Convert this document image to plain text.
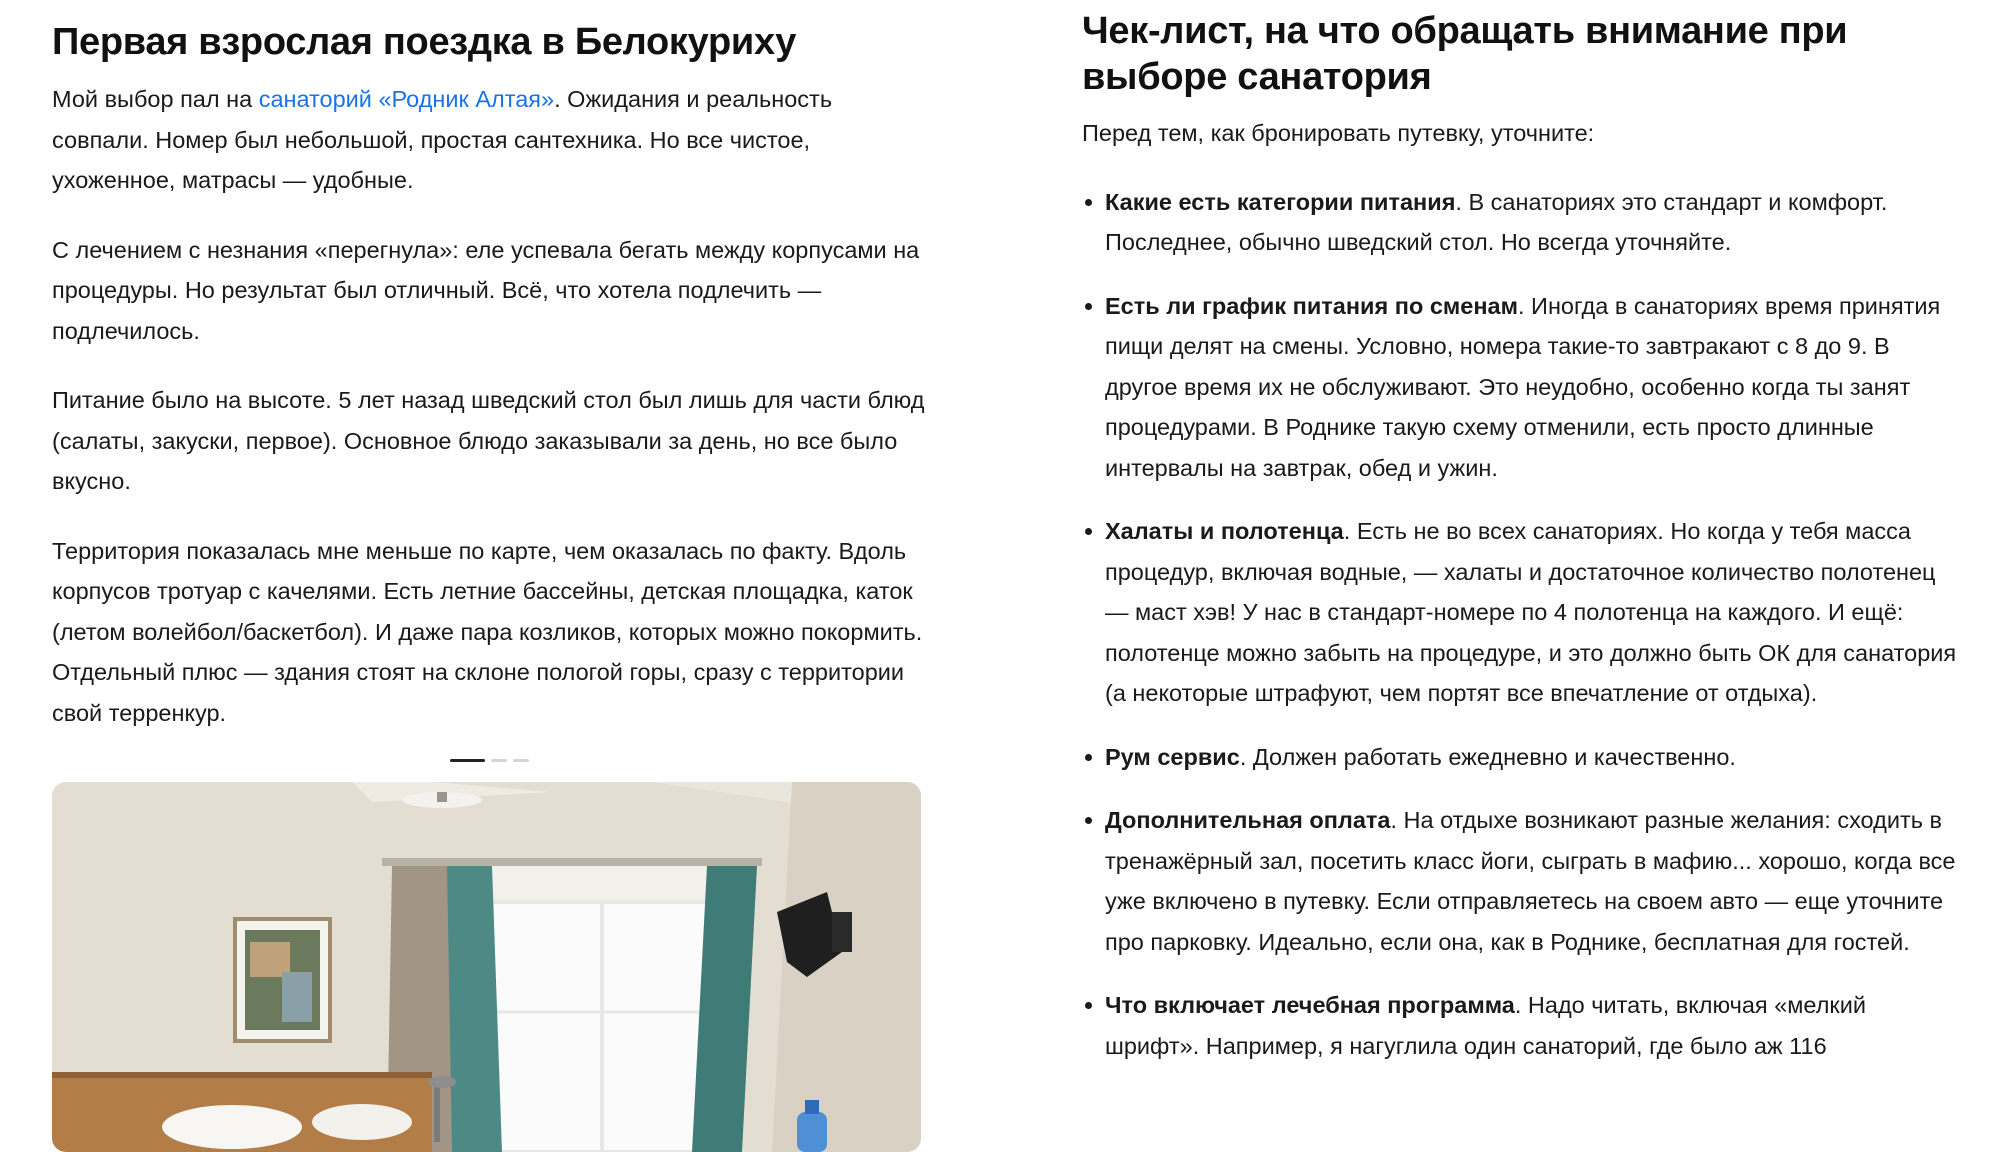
Первая взрослая поездка в Белокуриху

Мой выбор пал на санаторий «Родник Алтая». Ожидания и реальность совпали. Номер был небольшой, простая сантехника. Но все чистое, ухоженное, матрасы — удобные.

С лечением с незнания «перегнула»: еле успевала бегать между корпусами на процедуры. Но результат был отличный. Всё, что хотела подлечить — подлечилось.

Питание было на высоте. 5 лет назад шведский стол был лишь для части блюд (салаты, закуски, первое). Основное блюдо заказывали за день, но все было вкусно.

Территория показалась мне меньше по карте, чем оказалась по факту. Вдоль корпусов тротуар с качелями. Есть летние бассейны, детская площадка, каток (летом волейбол/баскетбол). И даже пара козликов, которых можно покормить. Отдельный плюс — здания стоят на склоне пологой горы, сразу с территории свой терренкур.

Чек-лист, на что обращать внимание при выборе санатория

Перед тем, как бронировать путевку, уточните:

Какие есть категории питания. В санаториях это стандарт и комфорт. Последнее, обычно шведский стол. Но всегда уточняйте.
Есть ли график питания по сменам. Иногда в санаториях время принятия пищи делят на смены. Условно, номера такие-то завтракают с 8 до 9. В другое время их не обслуживают. Это неудобно, особенно когда ты занят процедурами. В Роднике такую схему отменили, есть просто длинные интервалы на завтрак, обед и ужин.
Халаты и полотенца. Есть не во всех санаториях. Но когда у тебя масса процедур, включая водные, — халаты и достаточное количество полотенец — маст хэв! У нас в стандарт-номере по 4 полотенца на каждого. И ещё: полотенце можно забыть на процедуре, и это должно быть ОК для санатория (а некоторые штрафуют, чем портят все впечатление от отдыха).
Рум сервис. Должен работать ежедневно и качественно.
Дополнительная оплата. На отдыхе возникают разные желания: сходить в тренажёрный зал, посетить класс йоги, сыграть в мафию... хорошо, когда все уже включено в путевку. Если отправляетесь на своем авто — еще уточните про парковку. Идеально, если она, как в Роднике, бесплатная для гостей.
Что включает лечебная программа. Надо читать, включая «мелкий шрифт». Например, я нагуглила один санаторий, где было аж 116
